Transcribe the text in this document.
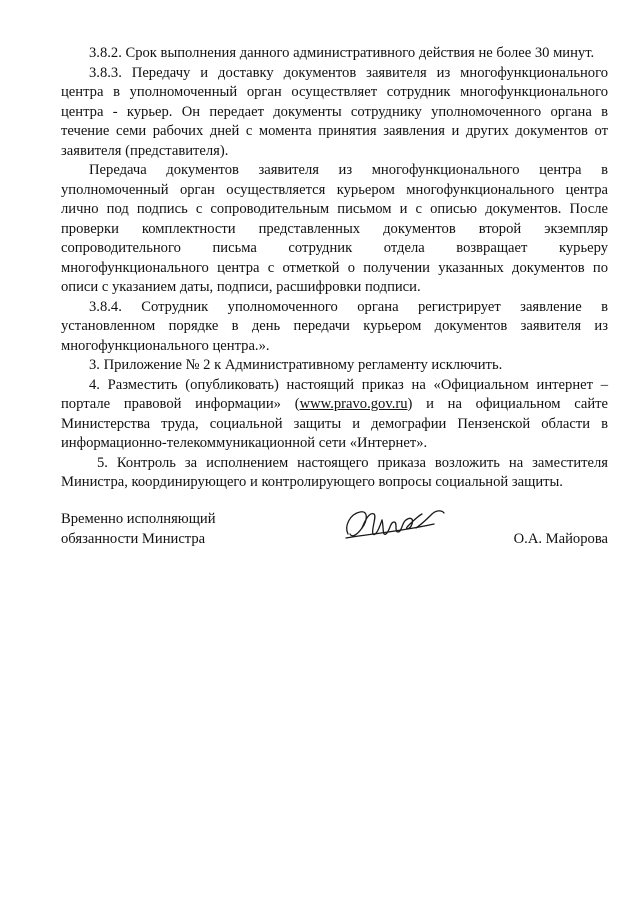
3.8.2. Срок выполнения данного административного действия не более 30 минут.

3.8.3. Передачу и доставку документов заявителя из многофункционального центра в уполномоченный орган осуществляет сотрудник многофункционального центра - курьер. Он передает документы сотруднику уполномоченного органа в течение семи рабочих дней с момента принятия заявления и других документов от заявителя (представителя).

Передача документов заявителя из многофункционального центра в уполномоченный орган осуществляется курьером многофункционального центра лично под подпись с сопроводительным письмом и с описью документов. После проверки комплектности представленных документов второй экземпляр сопроводительного письма сотрудник отдела возвращает курьеру многофункционального центра с отметкой о получении указанных документов по описи с указанием даты, подписи, расшифровки подписи.

3.8.4. Сотрудник уполномоченного органа регистрирует заявление в установленном порядке в день передачи курьером документов заявителя из многофункционального центра.».

3. Приложение № 2 к Административному регламенту исключить.

4. Разместить (опубликовать) настоящий приказ на «Официальном интернет – портале правовой информации» (www.pravo.gov.ru) и на официальном сайте Министерства труда, социальной защиты и демографии Пензенской области в информационно-телекоммуникационной сети «Интернет».

5. Контроль за исполнением настоящего приказа возложить на заместителя Министра, координирующего и контролирующего вопросы социальной защиты.

Временно исполняющий
обязанности Министра	О.А. Майорова
